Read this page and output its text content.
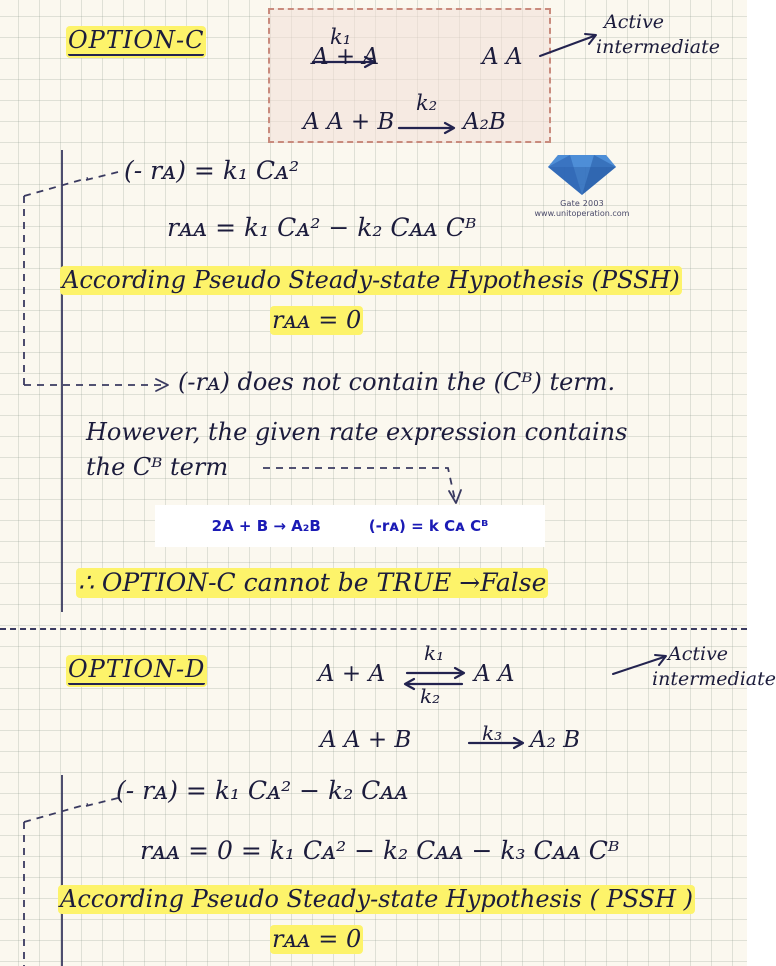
OPTION-C
A + A
k₁
A A
A A + B
k₂
A₂B
Active
intermediate
Gate 2003
www.unitoperation.com
(- rᴀ) = k₁ Cᴀ²
rᴀᴀ = k₁ Cᴀ² − k₂ Cᴀᴀ Cᴮ
According Pseudo Steady-state Hypothesis (PSSH)
rᴀᴀ = 0
(-rᴀ) does not contain the (Cᴮ) term.
However, the given rate expression contains
the Cᴮ term
2A + B → A₂B	(-rᴀ) = k Cᴀ Cᴮ
∴ OPTION-C cannot be TRUE →False
OPTION-D	A + A
k₁
k₂
A A
Active
intermediate
A A + B	k₃ A₂ B
(- rᴀ) = k₁ Cᴀ² − k₂ Cᴀᴀ
rᴀᴀ = 0 = k₁ Cᴀ² − k₂ Cᴀᴀ − k₃ Cᴀᴀ Cᴮ
According Pseudo Steady-state Hypothesis ( PSSH )
rᴀᴀ = 0
